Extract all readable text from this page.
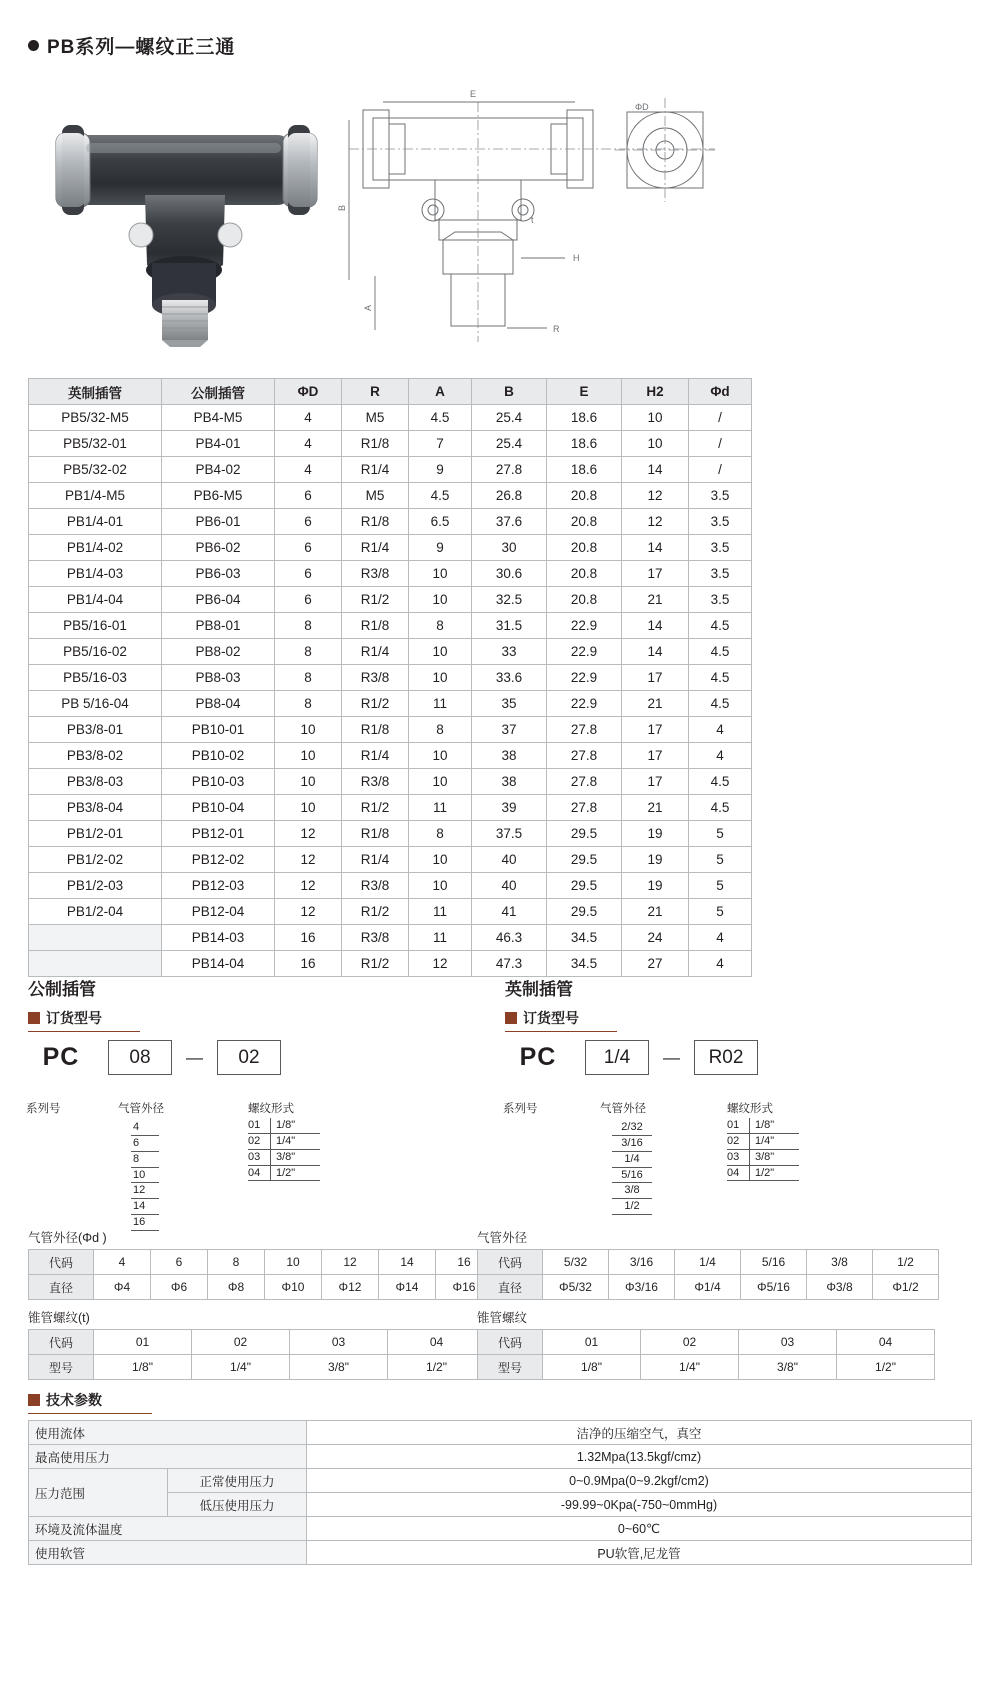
PB系列—螺纹正三通
E
B
A
H
R
ΦD
t
英制插管	公制插管	ΦD	R	A	B	E	H2	Φd
PB5/32-M5	PB4-M5	4	M5	4.5	25.4	18.6	10	/
PB5/32-01	PB4-01	4	R1/8	7	25.4	18.6	10	/
PB5/32-02	PB4-02	4	R1/4	9	27.8	18.6	14	/
PB1/4-M5	PB6-M5	6	M5	4.5	26.8	20.8	12	3.5
PB1/4-01	PB6-01	6	R1/8	6.5	37.6	20.8	12	3.5
PB1/4-02	PB6-02	6	R1/4	9	30	20.8	14	3.5
PB1/4-03	PB6-03	6	R3/8	10	30.6	20.8	17	3.5
PB1/4-04	PB6-04	6	R1/2	10	32.5	20.8	21	3.5
PB5/16-01	PB8-01	8	R1/8	8	31.5	22.9	14	4.5
PB5/16-02	PB8-02	8	R1/4	10	33	22.9	14	4.5
PB5/16-03	PB8-03	8	R3/8	10	33.6	22.9	17	4.5
PB 5/16-04	PB8-04	8	R1/2	11	35	22.9	21	4.5
PB3/8-01	PB10-01	10	R1/8	8	37	27.8	17	4
PB3/8-02	PB10-02	10	R1/4	10	38	27.8	17	4
PB3/8-03	PB10-03	10	R3/8	10	38	27.8	17	4.5
PB3/8-04	PB10-04	10	R1/2	11	39	27.8	21	4.5
PB1/2-01	PB12-01	12	R1/8	8	37.5	29.5	19	5
PB1/2-02	PB12-02	12	R1/4	10	40	29.5	19	5
PB1/2-03	PB12-03	12	R3/8	10	40	29.5	19	5
PB1/2-04	PB12-04	12	R1/2	11	41	29.5	21	5
	PB14-03	16	R3/8	11	46.3	34.5	24	4
	PB14-04	16	R1/2	12	47.3	34.5	27	4
公制插管
订货型号
PC	08	—	02
系列号	气管外径	螺纹形式
4
6
8
10
12
14
16
01	1/8"
02	1/4"
03	3/8"
04	1/2"
气管外径(Φd )
代码	4	6	8	10	12	14	16
直径	Φ4	Φ6	Φ8	Φ10	Φ12	Φ14	Φ16
锥管螺纹(t)
代码	01	02	03	04
型号	1/8"	1/4"	3/8"	1/2"
英制插管
订货型号
PC	1/4	—	R02
系列号	气管外径	螺纹形式
2/32
3/16
1/4
5/16
3/8
1/2
01	1/8"
02	1/4"
03	3/8"
04	1/2"
气管外径
代码	5/32	3/16	1/4	5/16	3/8	1/2
直径	Φ5/32	Φ3/16	Φ1/4	Φ5/16	Φ3/8	Φ1/2
锥管螺纹
代码	01	02	03	04
型号	1/8"	1/4"	3/8"	1/2"
技术参数
使用流体		洁净的压缩空气，真空
最高使用压力		1.32Mpa(13.5kgf/cmz)
压力范围	正常使用压力	0~0.9Mpa(0~9.2kgf/cm2)
	低压使用压力	-99.99~0Kpa(-750~0mmHg)
环境及流体温度		0~60℃
使用软管		PU软管,尼龙管
